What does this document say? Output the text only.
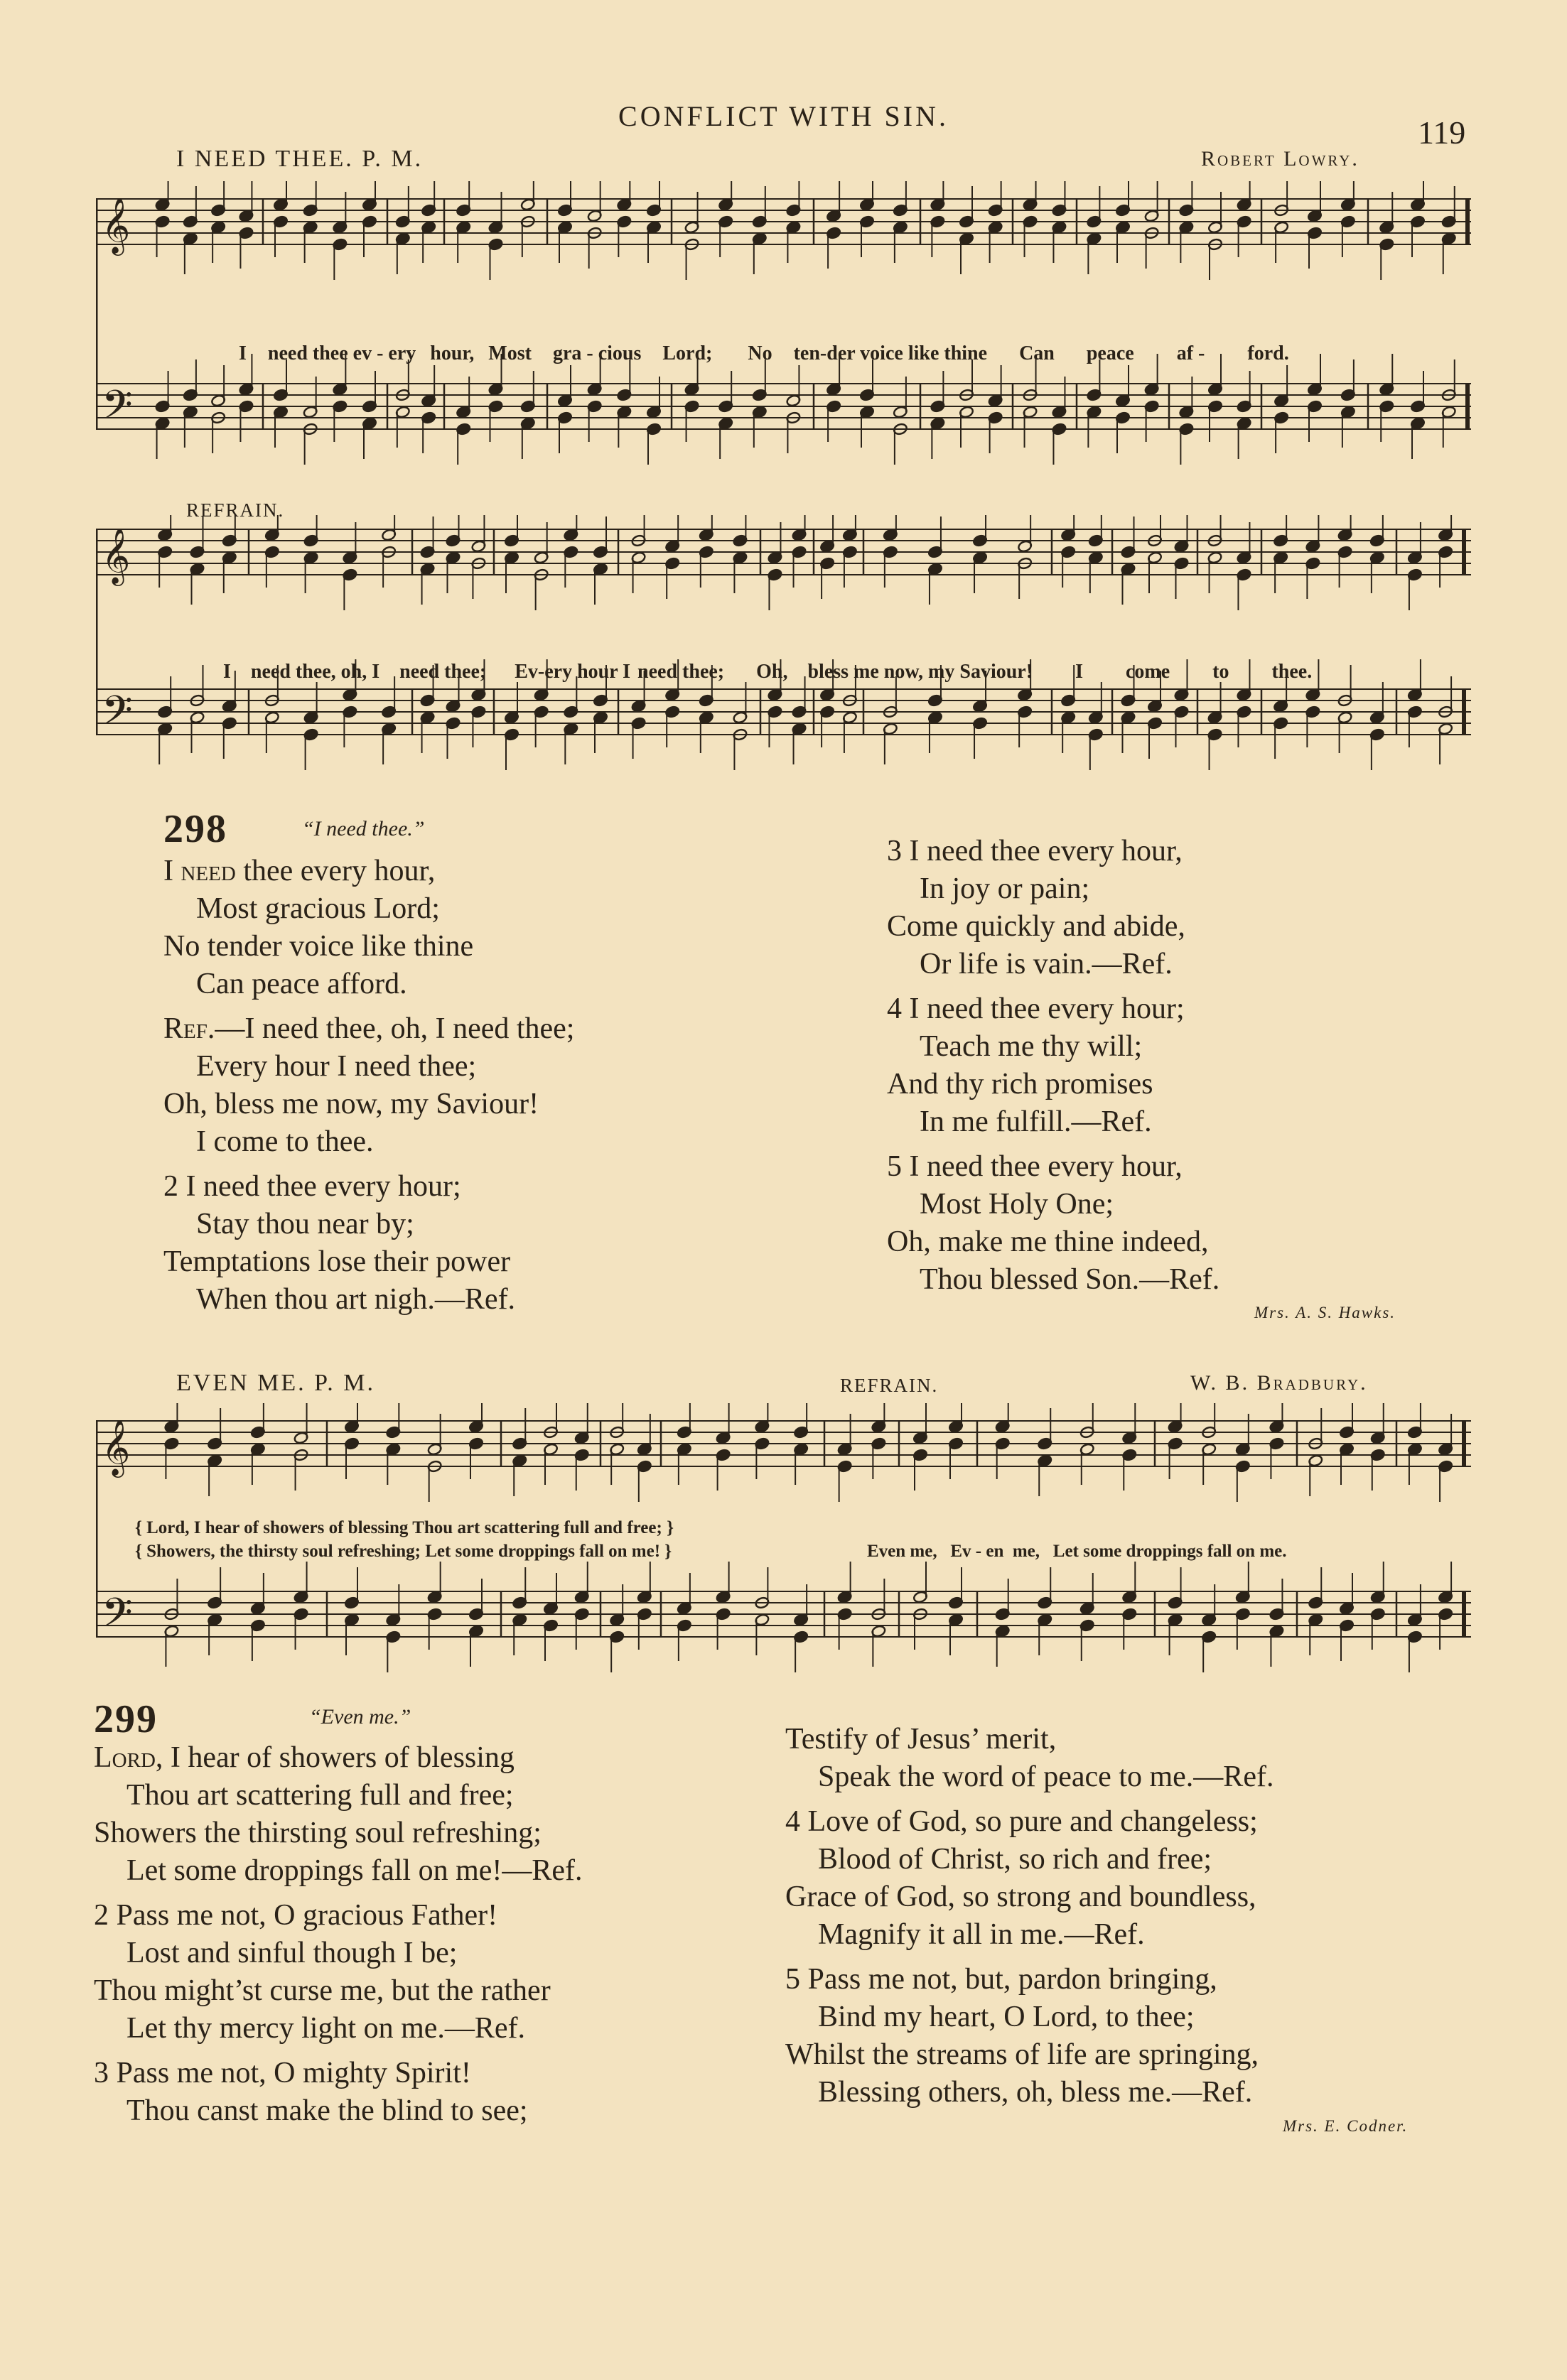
CONFLICT WITH SIN.	119
I NEED THEE. P. M.	Robert Lowry.
𝄞
𝄢

I need thee ev - ery hour, Most gra - cious Lord; No ten-der voice like thine Can peace af - ford.

REFRAIN.
𝄞
𝄢

I need thee, oh, I need thee; Ev-ery hour I need thee; Oh, bless me now, my Saviour! I come to thee.

298	“I need thee.”
I need thee every hour,
Most gracious Lord;
No tender voice like thine
Can peace afford.
Ref.—I need thee, oh, I need thee;
Every hour I need thee;
Oh, bless me now, my Saviour!
I come to thee.
2 I need thee every hour;
Stay thou near by;
Temptations lose their power
When thou art nigh.—Ref.
3 I need thee every hour,
In joy or pain;
Come quickly and abide,
Or life is vain.—Ref.
4 I need thee every hour;
Teach me thy will;
And thy rich promises
In me fulfill.—Ref.
5 I need thee every hour,
Most Holy One;
Oh, make me thine indeed,
Thou blessed Son.—Ref.
Mrs. A. S. Hawks.
EVEN ME. P. M.	REFRAIN.	W. B. Bradbury.
𝄞
𝄢
{ Lord, I hear of showers of blessing Thou art scattering full and free; }
{ Showers, the thirsty soul refreshing; Let some droppings fall on me! }	Even me,   Ev - en  me,   Let some droppings fall on me.
299	“Even me.”
Lord, I hear of showers of blessing
Thou art scattering full and free;
Showers the thirsting soul refreshing;
Let some droppings fall on me!—Ref.
2 Pass me not, O gracious Father!
Lost and sinful though I be;
Thou might’st curse me, but the rather
Let thy mercy light on me.—Ref.
3 Pass me not, O mighty Spirit!
Thou canst make the blind to see;
Testify of Jesus’ merit,
Speak the word of peace to me.—Ref.
4 Love of God, so pure and changeless;
Blood of Christ, so rich and free;
Grace of God, so strong and boundless,
Magnify it all in me.—Ref.
5 Pass me not, but, pardon bringing,
Bind my heart, O Lord, to thee;
Whilst the streams of life are springing,
Blessing others, oh, bless me.—Ref.
Mrs. E. Codner.
